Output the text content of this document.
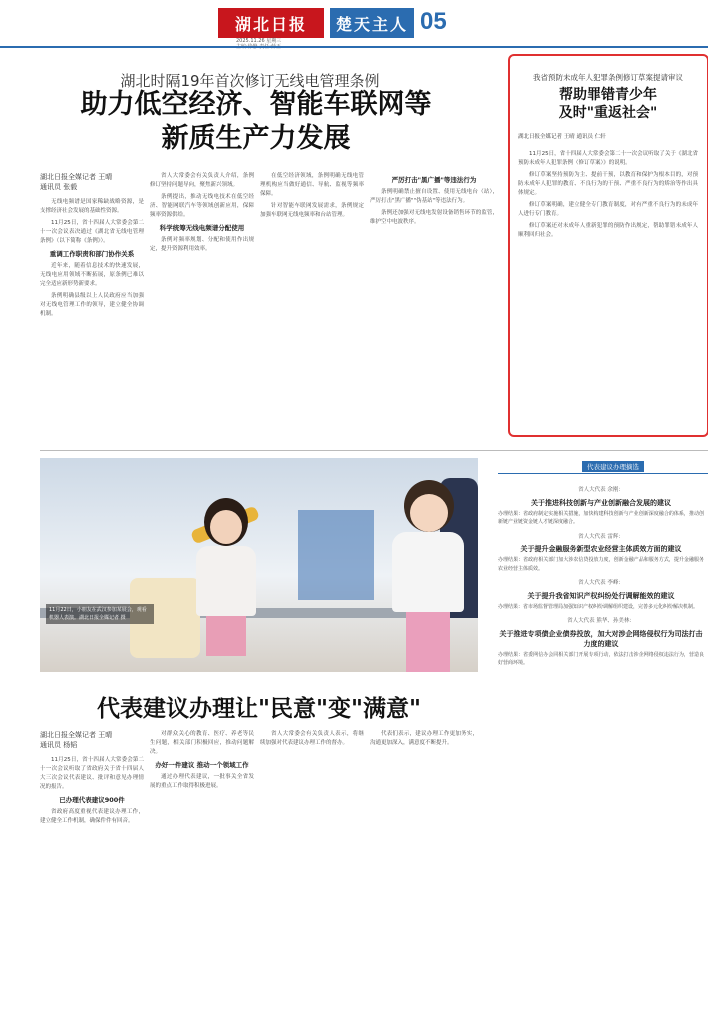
湖北日报
2025.11.26 星期三
楚天主人 05
湖北时隔19年首次修订无线电管理条例
助力低空经济、智能车联网等
新质生产力发展
湖北日报全媒记者 王晴
通讯员 张毅

无线电频谱是国家稀缺战略资源，是支撑经济社会发展的基础性资源。

11月25日，省十四届人大常委会第二十一次会议表决通过《湖北省无线电管理条例》（以下简称《条例》）。

重调工作职责和部门协作关系

近年来，随着信息技术的快速发展，无线电应用领域不断拓展，原条例已难以完全适应新形势新要求。

条例明确县级以上人民政府应当加强对无线电管理工作的领导，建立健全协调机制。

省人大常委会有关负责人介绍，条例修订坚持问题导向，聚焦新兴领域。

条例提出，推动无线电技术在低空经济、智能网联汽车等领域创新应用，保障频率资源供给。

科学统筹无线电频谱分配使用

条例对频率规划、分配和使用作出规定，提升资源利用效率。

在低空经济领域，条例明确无线电管理机构应当做好通信、导航、监视等频率保障。

针对智能车联网发展需求，条例规定加强车联网无线电频率和台站管理。

严厉打击"黑广播"等违法行为

条例明确禁止擅自设置、使用无线电台（站），严厉打击"黑广播""伪基站"等违法行为。

条例还加强对无线电发射设备销售环节的监管，维护空中电波秩序。

我省预防未成年人犯罪条例修订草案提请审议
帮助罪错青少年
及时"重返社会"
湖北日报全媒记者 王晴 通讯员 仁轩

11月25日，省十四届人大常委会第二十一次会议听取了关于《湖北省预防未成年人犯罪条例（修订草案）》的说明。

修订草案坚持预防为主、提前干预，以教育和保护为根本目的，对预防未成年人犯罪的教育、不良行为的干预、严重不良行为的矫治等作出具体规定。

修订草案明确，建立健全专门教育制度，对有严重不良行为的未成年人进行专门教育。

修订草案还对未成年人重新犯罪的预防作出规定，帮助罪错未成年人顺利回归社会。

11月22日，小朋友在武汉参加某展会，观看机器人表演。湖北日报全媒记者 摄
代表建议办理让"民意"变"满意"
湖北日报全媒记者 王晴
通讯员 杨韬

11月25日，省十四届人大常委会第二十一次会议听取了省政府关于省十四届人大三次会议代表建议、批评和意见办理情况的报告。

已办理代表建议900件

省政府高度重视代表建议办理工作，建立健全工作机制，确保件件有回音。

对群众关心的教育、医疗、养老等民生问题，相关部门积极回应，推动问题解决。

办好一件建议 推动一个领域工作

通过办理代表建议，一批事关全省发展的重点工作取得积极进展。

省人大常委会有关负责人表示，将继续加强对代表建议办理工作的督办。

代表们表示，建议办理工作更加务实，沟通更加深入，满意度不断提升。

代表建议办理摘选

省人大代表 余刚：

关于推进科技创新与产业创新融合发展的建议

办理结果：省政府制定实施相关措施，加快构建科技创新与产业创新深度融合的体系，推动创新链产业链资金链人才链深度融合。

省人大代表 雷辉：

关于提升金融服务新型农业经营主体质效方面的建议

办理结果：省政府相关部门加大涉农信贷投放力度，创新金融产品和服务方式，提升金融服务农业经营主体质效。

省人大代表 李峰：

关于提升我省知识产权纠纷处行调解能效的建议

办理结果：省市场监督管理局加强知识产权纠纷调解组织建设，完善多元化纠纷解决机制。

省人大代表 熊华、孙美林：

关于推进专项债企业债券投放，加大对涉企网络侵权行为司法打击力度的建议

办理结果：省委网信办会同相关部门开展专项行动，依法打击涉企网络侵权违法行为，营造良好营商环境。
